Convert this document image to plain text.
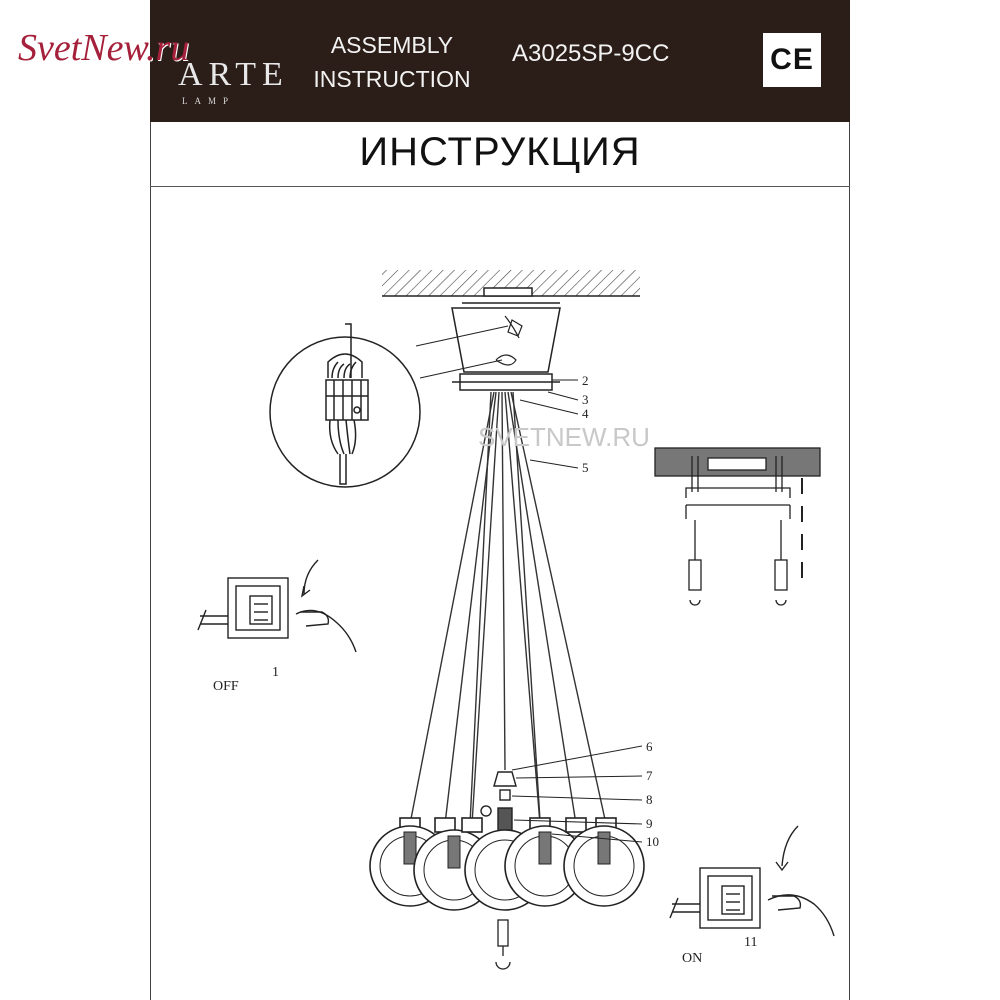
SvetNew.ru
ARTE
LAMP
ASSEMBLY
INSTRUCTION
A3025SP-9CC	CE
ИНСТРУКЦИЯ
2
3
4
5
6
7
8
9
10
SVETNEW.RU
OFF
1
ON
11
